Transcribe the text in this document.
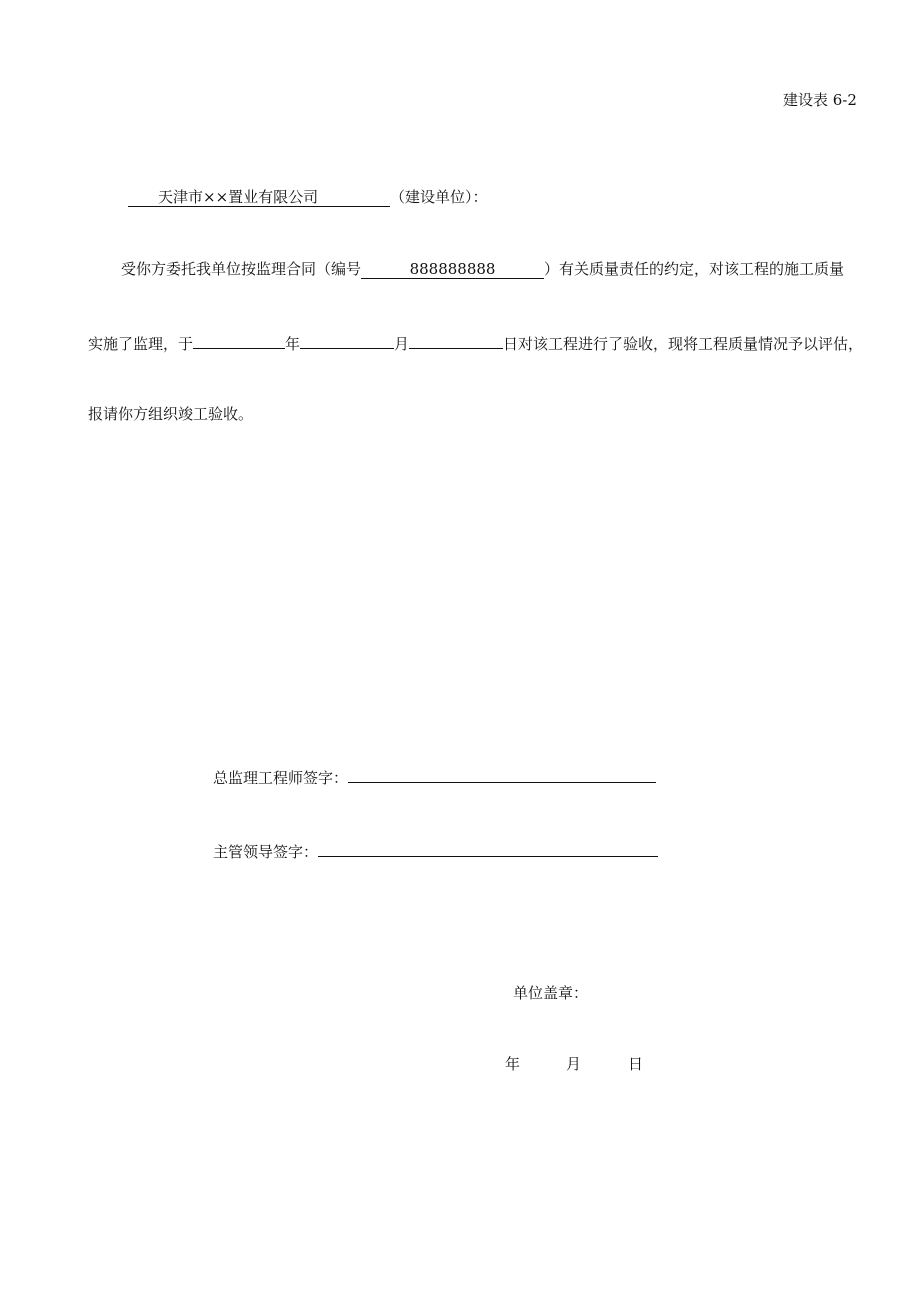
建设表 6-2
天津市××置业有限公司	（建设单位）：
受你方委托我单位按监理合同（编号	888888888	）有关质量责任的约定，对该工程的施工质量
实施了监理，于	年	月	日对该工程进行了验收，现将工程质量情况予以评估，
报请你方组织竣工验收。
总监理工程师签字：
主管领导签字：
单位盖章：
年	月	日
